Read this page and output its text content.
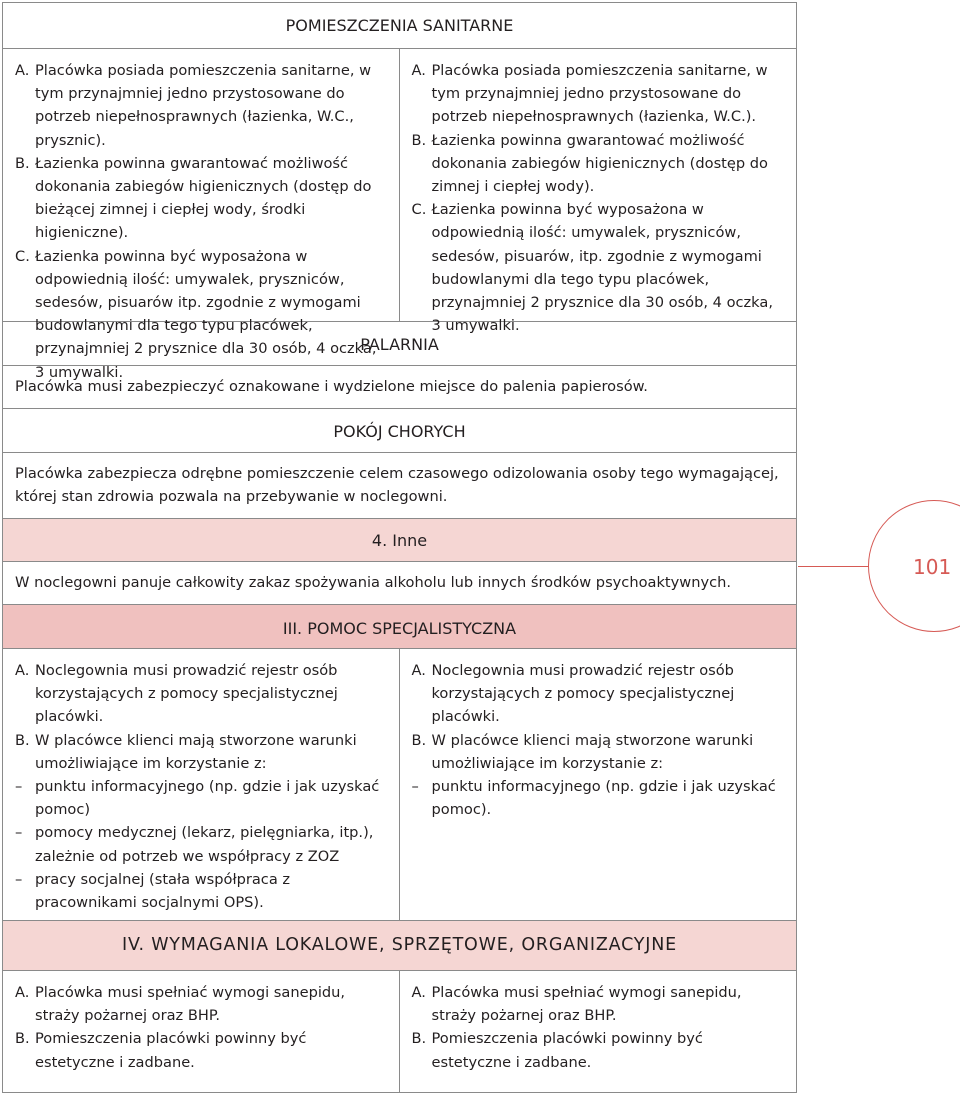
POMIESZCZENIA SANITARNE
A. Placówka posiada pomieszczenia sanitarne, w tym przynajmniej jedno przystosowane do potrzeb niepełnosprawnych (łazienka, W.C., prysznic).
B. Łazienka powinna gwarantować możliwość dokonania zabiegów higienicznych (dostęp do bieżącej zimnej i ciepłej wody, środki higieniczne).
C. Łazienka powinna być wyposażona w odpowiednią ilość: umywalek, pryszniców, sedesów, pisuarów itp. zgodnie z wymogami budowlanymi dla tego typu placówek, przynajmniej 2 prysznice dla 30 osób, 4 oczka, 3 umywalki.
A. Placówka posiada pomieszczenia sanitarne, w tym przynajmniej jedno przystosowane do potrzeb niepełnosprawnych (łazienka, W.C.).
B. Łazienka powinna gwarantować możliwość dokonania zabiegów higienicznych (dostęp do zimnej i ciepłej wody).
C. Łazienka powinna być wyposażona w odpowiednią ilość: umywalek, pryszniców, sedesów, pisuarów, itp. zgodnie z wymogami budowlanymi dla tego typu placówek, przynajmniej 2 prysznice dla 30 osób, 4 oczka, 3 umywalki.
PALARNIA
Placówka musi zabezpieczyć oznakowane i wydzielone miejsce do palenia papierosów.
POKÓJ CHORYCH
Placówka zabezpiecza odrębne pomieszczenie celem czasowego odizolowania osoby tego wymagającej, której stan zdrowia pozwala na przebywanie w noclegowni.
4. Inne
W noclegowni panuje całkowity zakaz spożywania alkoholu lub innych środków psychoaktywnych.
III. POMOC SPECJALISTYCZNA
A. Noclegownia musi prowadzić rejestr osób korzystających z pomocy specjalistycznej placówki.
B. W placówce klienci mają stworzone warunki umożliwiające im korzystanie z:
– punktu informacyjnego (np. gdzie i jak uzyskać pomoc)
– pomocy medycznej (lekarz, pielęgniarka, itp.), zależnie od potrzeb we współpracy z ZOZ
– pracy socjalnej (stała współpraca z pracownikami socjalnymi OPS).
A. Noclegownia musi prowadzić rejestr osób korzystających z pomocy specjalistycznej placówki.
B. W placówce klienci mają stworzone warunki umożliwiające im korzystanie z:
– punktu informacyjnego (np. gdzie i jak uzyskać pomoc).
IV. WYMAGANIA LOKALOWE, SPRZĘTOWE, ORGANIZACYJNE
A. Placówka musi spełniać wymogi sanepidu, straży pożarnej oraz BHP.
B. Pomieszczenia placówki powinny być estetyczne i zadbane.
A. Placówka musi spełniać wymogi sanepidu, straży pożarnej oraz BHP.
B. Pomieszczenia placówki powinny być estetyczne i zadbane.
101
